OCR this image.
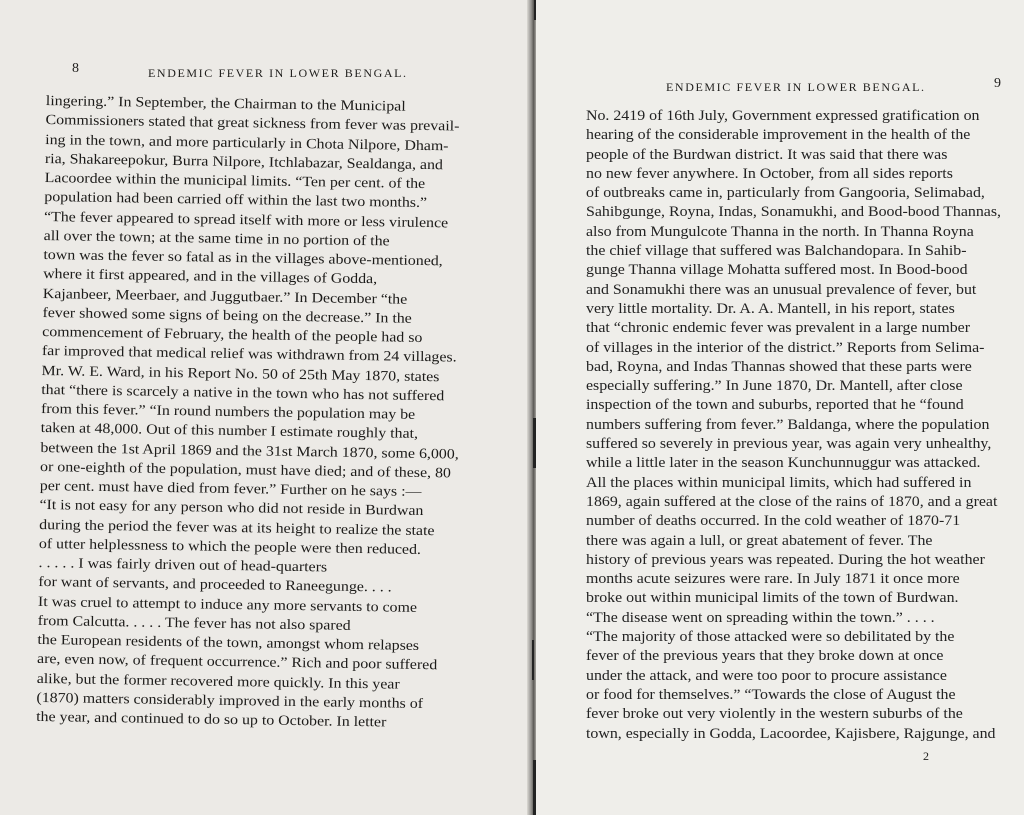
8	ENDEMIC FEVER IN LOWER BENGAL.
lingering.” In September, the Chairman to the Municipal
Commissioners stated that great sickness from fever was prevail-
ing in the town, and more particularly in Chota Nilpore, Dham-
ria, Shakareepokur, Burra Nilpore, Itchlabazar, Sealdanga, and
Lacoordee within the municipal limits. “Ten per cent. of the
population had been carried off within the last two months.”
“The fever appeared to spread itself with more or less virulence
all over the town; at the same time in no portion of the
town was the fever so fatal as in the villages above-mentioned,
where it first appeared, and in the villages of Godda,
Kajanbeer, Meerbaer, and Juggutbaer.” In December “the
fever showed some signs of being on the decrease.” In the
commencement of February, the health of the people had so
far improved that medical relief was withdrawn from 24 villages.
Mr. W. E. Ward, in his Report No. 50 of 25th May 1870, states
that “there is scarcely a native in the town who has not suffered
from this fever.” “In round numbers the population may be
taken at 48,000. Out of this number I estimate roughly that,
between the 1st April 1869 and the 31st March 1870, some 6,000,
or one-eighth of the population, must have died; and of these, 80
per cent. must have died from fever.” Further on he says :—
“It is not easy for any person who did not reside in Burdwan
during the period the fever was at its height to realize the state
of utter helplessness to which the people were then reduced.
. . . . . I was fairly driven out of head-quarters
for want of servants, and proceeded to Raneegunge. . . .
It was cruel to attempt to induce any more servants to come
from Calcutta. . . . . The fever has not also spared
the European residents of the town, amongst whom relapses
are, even now, of frequent occurrence.” Rich and poor suffered
alike, but the former recovered more quickly. In this year
(1870) matters considerably improved in the early months of
the year, and continued to do so up to October. In letter
ENDEMIC FEVER IN LOWER BENGAL.	9
No. 2419 of 16th July, Government expressed gratification on
hearing of the considerable improvement in the health of the
people of the Burdwan district. It was said that there was
no new fever anywhere. In October, from all sides reports
of outbreaks came in, particularly from Gangooria, Selimabad,
Sahibgunge, Royna, Indas, Sonamukhi, and Bood-bood Thannas,
also from Mungulcote Thanna in the north. In Thanna Royna
the chief village that suffered was Balchandopara. In Sahib-
gunge Thanna village Mohatta suffered most. In Bood-bood
and Sonamukhi there was an unusual prevalence of fever, but
very little mortality. Dr. A. A. Mantell, in his report, states
that “chronic endemic fever was prevalent in a large number
of villages in the interior of the district.” Reports from Selima-
bad, Royna, and Indas Thannas showed that these parts were
especially suffering.” In June 1870, Dr. Mantell, after close
inspection of the town and suburbs, reported that he “found
numbers suffering from fever.” Baldanga, where the population
suffered so severely in previous year, was again very unhealthy,
while a little later in the season Kunchunnuggur was attacked.
All the places within municipal limits, which had suffered in
1869, again suffered at the close of the rains of 1870, and a great
number of deaths occurred. In the cold weather of 1870-71
there was again a lull, or great abatement of fever. The
history of previous years was repeated. During the hot weather
months acute seizures were rare. In July 1871 it once more
broke out within municipal limits of the town of Burdwan.
“The disease went on spreading within the town.” . . . .
“The majority of those attacked were so debilitated by the
fever of the previous years that they broke down at once
under the attack, and were too poor to procure assistance
or food for themselves.” “Towards the close of August the
fever broke out very violently in the western suburbs of the
town, especially in Godda, Lacoordee, Kajisbere, Rajgunge, and
2
